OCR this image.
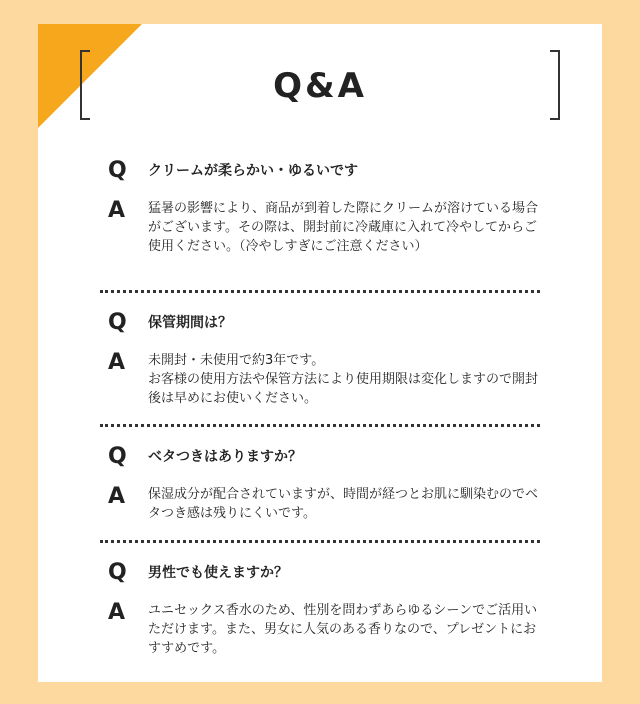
Q&A
Q	クリームが柔らかい・ゆるいです
A	猛暑の影響により、商品が到着した際にクリームが溶けている場合がございます。その際は、開封前に冷蔵庫に入れて冷やしてからご使用ください。（冷やしすぎにご注意ください）
Q	保管期間は？
A	未開封・未使用で約3年です。
お客様の使用方法や保管方法により使用期限は変化しますので開封後は早めにお使いください。
Q	ベタつきはありますか？
A	保湿成分が配合されていますが、時間が経つとお肌に馴染むのでベタつき感は残りにくいです。
Q	男性でも使えますか？
A	ユニセックス香水のため、性別を問わずあらゆるシーンでご活用いただけます。また、男女に人気のある香りなので、プレゼントにおすすめです。
